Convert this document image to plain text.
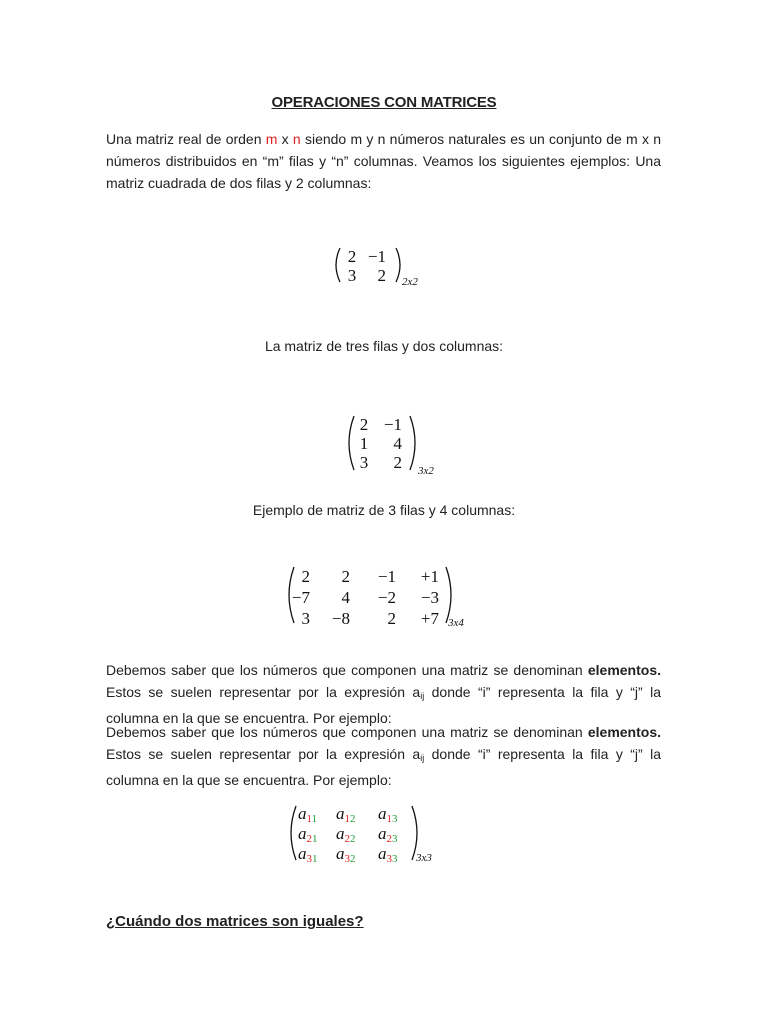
OPERACIONES CON MATRICES
Una matriz real de orden m x n siendo m y n números naturales es un conjunto de m x n números distribuidos en “m” filas y “n” columnas. Veamos los siguientes ejemplos: Una matriz cuadrada de dos filas y 2 columnas:
2 −1
3 2 2x2
La matriz de tres filas y dos columnas:
2 −1
1 4
3 2 3x2
Ejemplo de matriz de 3 filas y 4 columnas:
2 2 −1 +1
−7 4 −2 −3
3 −8 2 +7 3x4
Debemos saber que los números que componen una matriz se denominan elementos. Estos se suelen representar por la expresión $a_{ij}$ donde “i” representa la fila y “j” la columna en la que se encuentra. Por ejemplo:
Debemos saber que los números que componen una matriz se denominan elementos. Estos se suelen representar por la expresión $a_{ij}$ donde “i” representa la fila y “j” la columna en la que se encuentra. Por ejemplo:
3x3
a11 a12 a13
a21 a22 a23
a31 a32 a33
¿Cuándo dos matrices son iguales?
